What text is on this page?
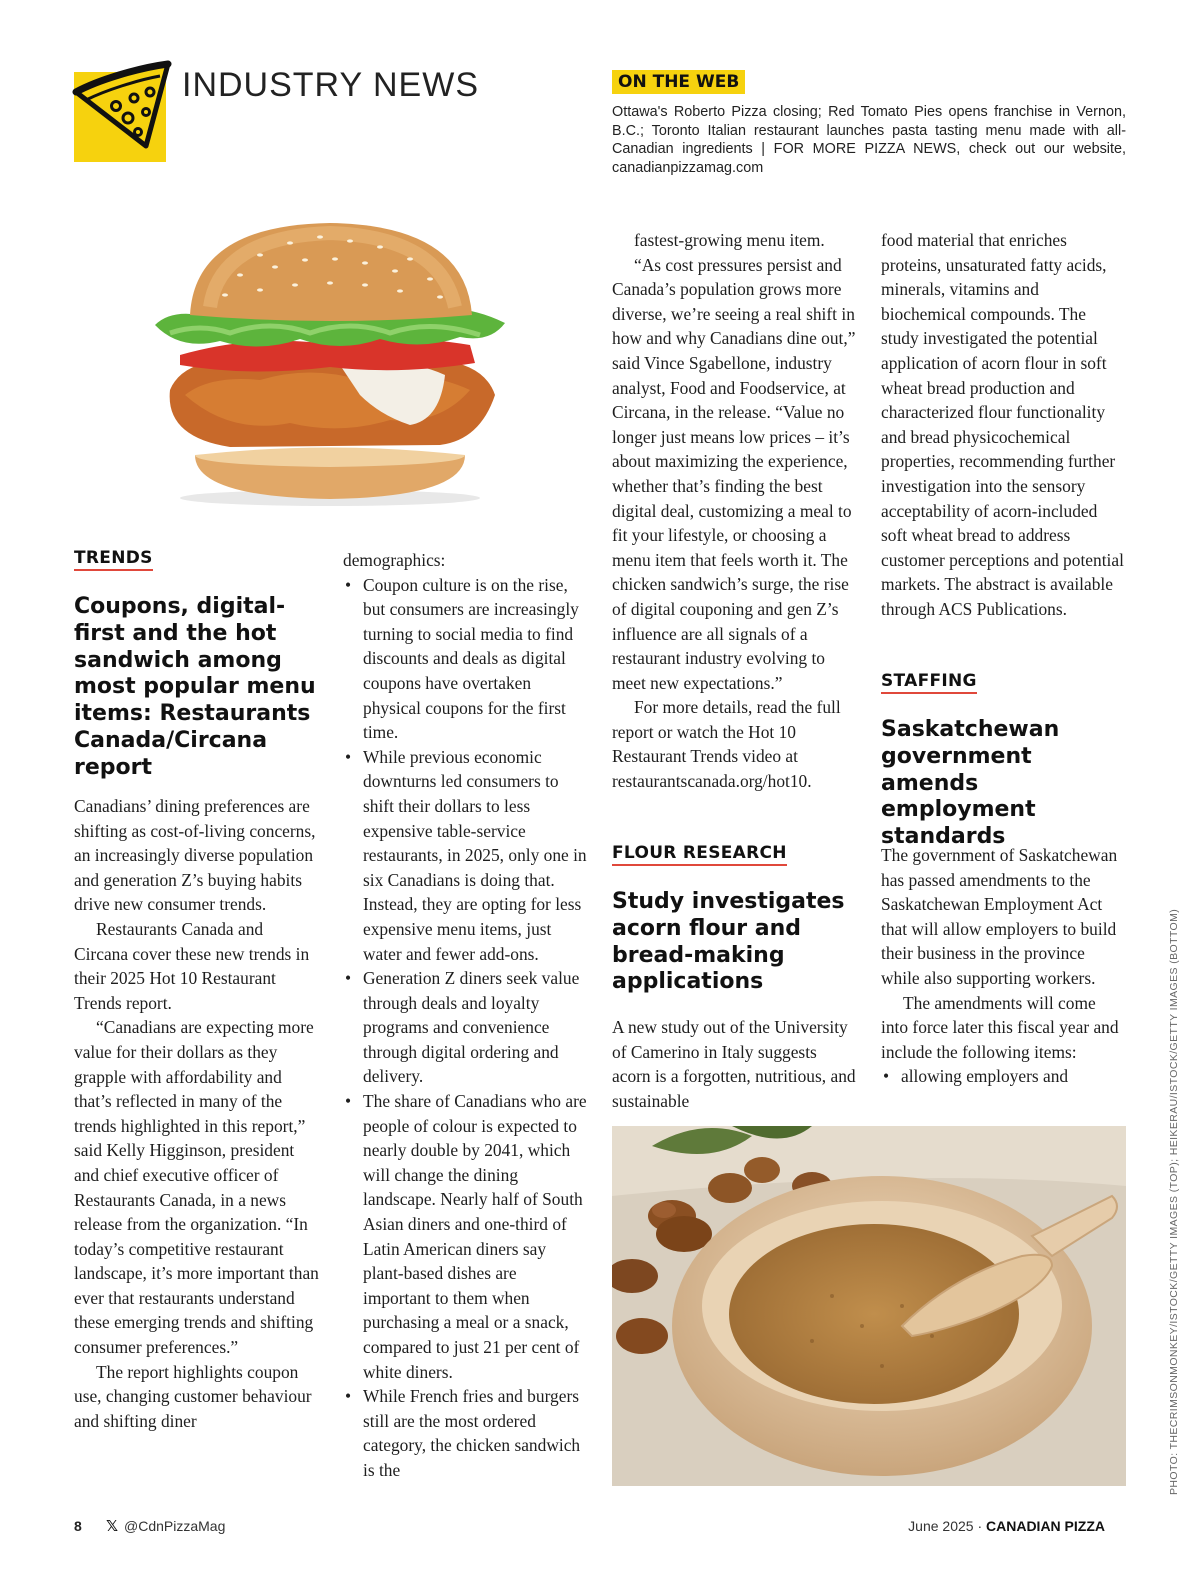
INDUSTRY NEWS	ON THE WEB
Ottawa's Roberto Pizza closing; Red Tomato Pies opens franchise in Vernon, B.C.; Toronto Italian restaurant launches pasta tasting menu made with all-Canadian ingredients | FOR MORE PIZZA NEWS, check out our website, canadianpizzamag.com
TRENDS
Coupons, digital-first and the hot sandwich among most popular menu items: Restaurants Canada/Circana report

Canadians’ dining preferences are shifting as cost-of-living concerns, an increasingly diverse population and generation Z’s buying habits drive new consumer trends.

Restaurants Canada and Circana cover these new trends in their 2025 Hot 10 Restaurant Trends report.

“Canadians are expecting more value for their dollars as they grapple with affordability and that’s reflected in many of the trends highlighted in this report,” said Kelly Higginson, president and chief executive officer of Restaurants Canada, in a news release from the organization. “In today’s competitive restaurant landscape, it’s more important than ever that restaurants understand these emerging trends and shifting consumer preferences.”

The report highlights coupon use, changing customer behaviour and shifting diner

demographics:

• Coupon culture is on the rise, but consumers are increasingly turning to social media to find discounts and deals as digital coupons have overtaken physical coupons for the first time.
• While previous economic downturns led consumers to shift their dollars to less expensive table-service restaurants, in 2025, only one in six Canadians is doing that. Instead, they are opting for less expensive menu items, just water and fewer add-ons.
• Generation Z diners seek value through deals and loyalty programs and convenience through digital ordering and delivery.
• The share of Canadians who are people of colour is expected to nearly double by 2041, which will change the dining landscape. Nearly half of South Asian diners and one-third of Latin American diners say plant-based dishes are important to them when purchasing a meal or a snack, compared to just 21 per cent of white diners.
• While French fries and burgers still are the most ordered category, the chicken sandwich is the

fastest-growing menu item.

“As cost pressures persist and Canada’s population grows more diverse, we’re seeing a real shift in how and why Canadians dine out,” said Vince Sgabellone, industry analyst, Food and Foodservice, at Circana, in the release. “Value no longer just means low prices – it’s about maximizing the experience, whether that’s finding the best digital deal, customizing a meal to fit your lifestyle, or choosing a menu item that feels worth it. The chicken sandwich’s surge, the rise of digital couponing and gen Z’s influence are all signals of a restaurant industry evolving to meet new expectations.”

For more details, read the full report or watch the Hot 10 Restaurant Trends video at restaurantscanada.org/hot10.

FLOUR RESEARCH
Study investigates acorn flour and bread-making applications
A new study out of the University of Camerino in Italy suggests acorn is a forgotten, nutritious, and sustainable
food material that enriches proteins, unsaturated fatty acids, minerals, vitamins and biochemical compounds. The study investigated the potential application of acorn flour in soft wheat bread production and characterized flour functionality and bread physicochemical properties, recommending further investigation into the sensory acceptability of acorn-included soft wheat bread to address customer perceptions and potential markets. The abstract is available through ACS Publications.
STAFFING
Saskatchewan government amends employment standards

The government of Saskatchewan has passed amendments to the Saskatchewan Employment Act that will allow employers to build their business in the province while also supporting workers.

The amendments will come into force later this fiscal year and include the following items:

• allowing employers and	PHOTO: THECRIMSONMONKEY/ISTOCK/GETTY IMAGES (TOP); HEIKERAU/ISTOCK/GETTY IMAGES (BOTTOM)
8 𝕏 @CdnPizzaMag	June 2025 · CANADIAN PIZZA
